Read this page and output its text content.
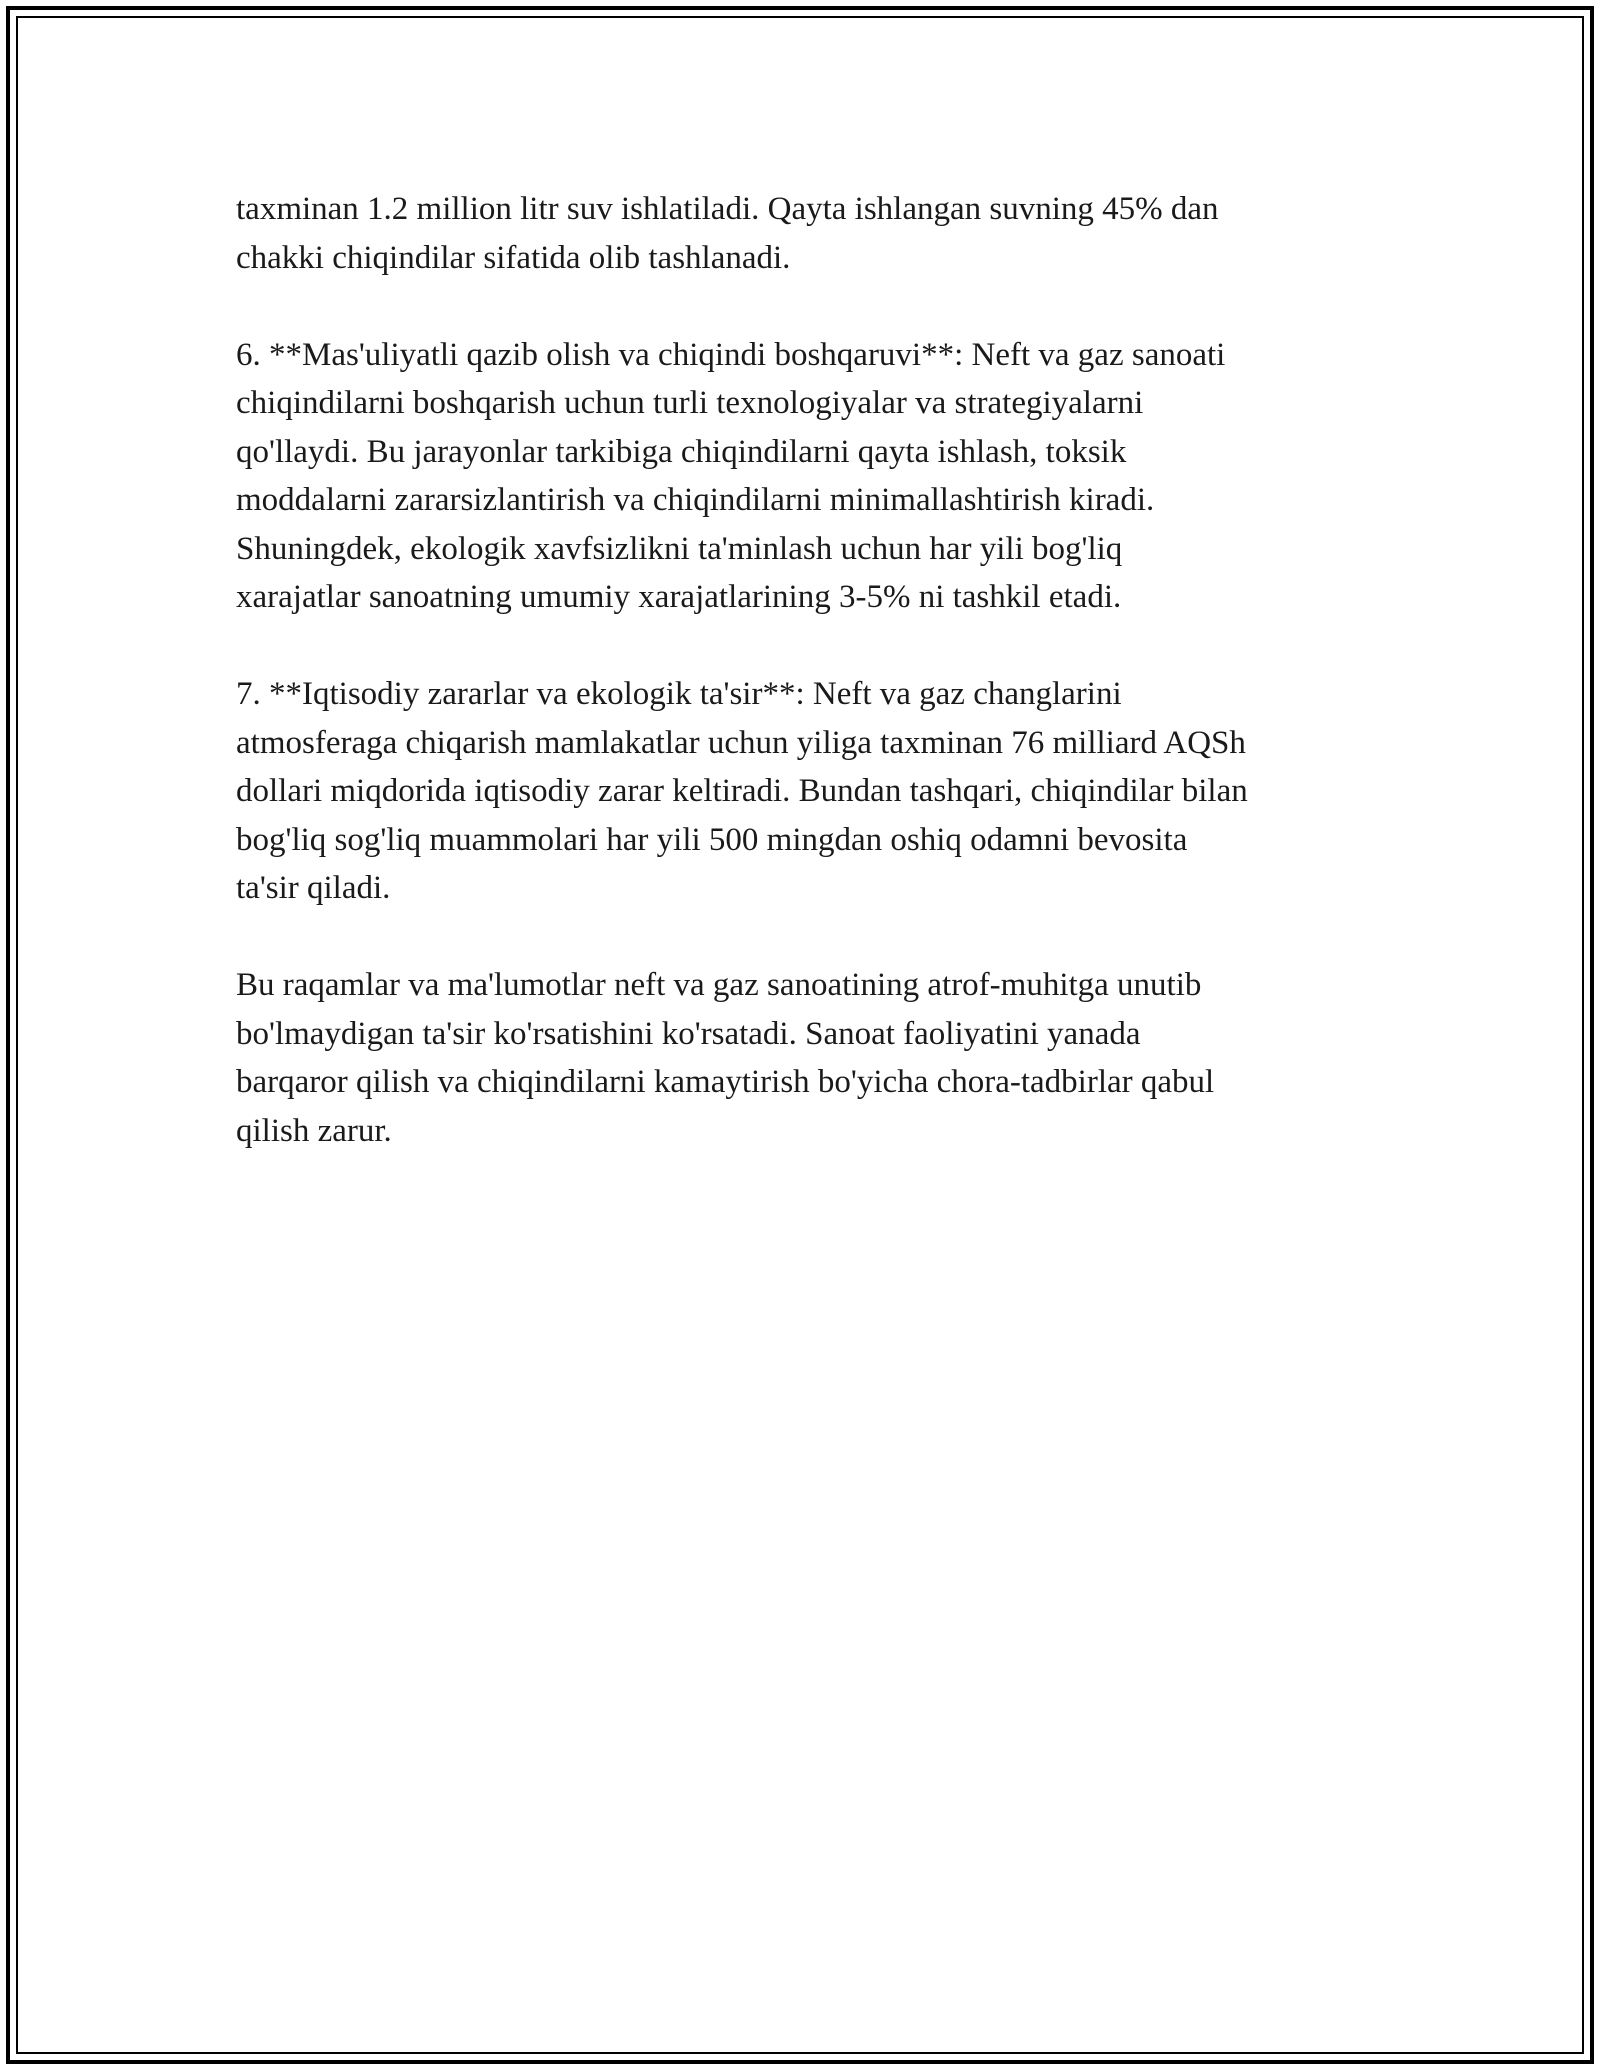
taxminan 1.2 million litr suv ishlatiladi. Qayta ishlangan suvning 45% dan
chakki chiqindilar sifatida olib tashlanadi.

6. **Mas'uliyatli qazib olish va chiqindi boshqaruvi**: Neft va gaz sanoati
chiqindilarni boshqarish uchun turli texnologiyalar va strategiyalarni
qo'llaydi. Bu jarayonlar tarkibiga chiqindilarni qayta ishlash, toksik
moddalarni zararsizlantirish va chiqindilarni minimallashtirish kiradi.
Shuningdek, ekologik xavfsizlikni ta'minlash uchun har yili bog'liq
xarajatlar sanoatning umumiy xarajatlarining 3-5% ni tashkil etadi.

7. **Iqtisodiy zararlar va ekologik ta'sir**: Neft va gaz changlarini
atmosferaga chiqarish mamlakatlar uchun yiliga taxminan 76 milliard AQSh
dollari miqdorida iqtisodiy zarar keltiradi. Bundan tashqari, chiqindilar bilan
bog'liq sog'liq muammolari har yili 500 mingdan oshiq odamni bevosita
ta'sir qiladi.

Bu raqamlar va ma'lumotlar neft va gaz sanoatining atrof-muhitga unutib
bo'lmaydigan ta'sir ko'rsatishini ko'rsatadi. Sanoat faoliyatini yanada
barqaror qilish va chiqindilarni kamaytirish bo'yicha chora-tadbirlar qabul
qilish zarur.
